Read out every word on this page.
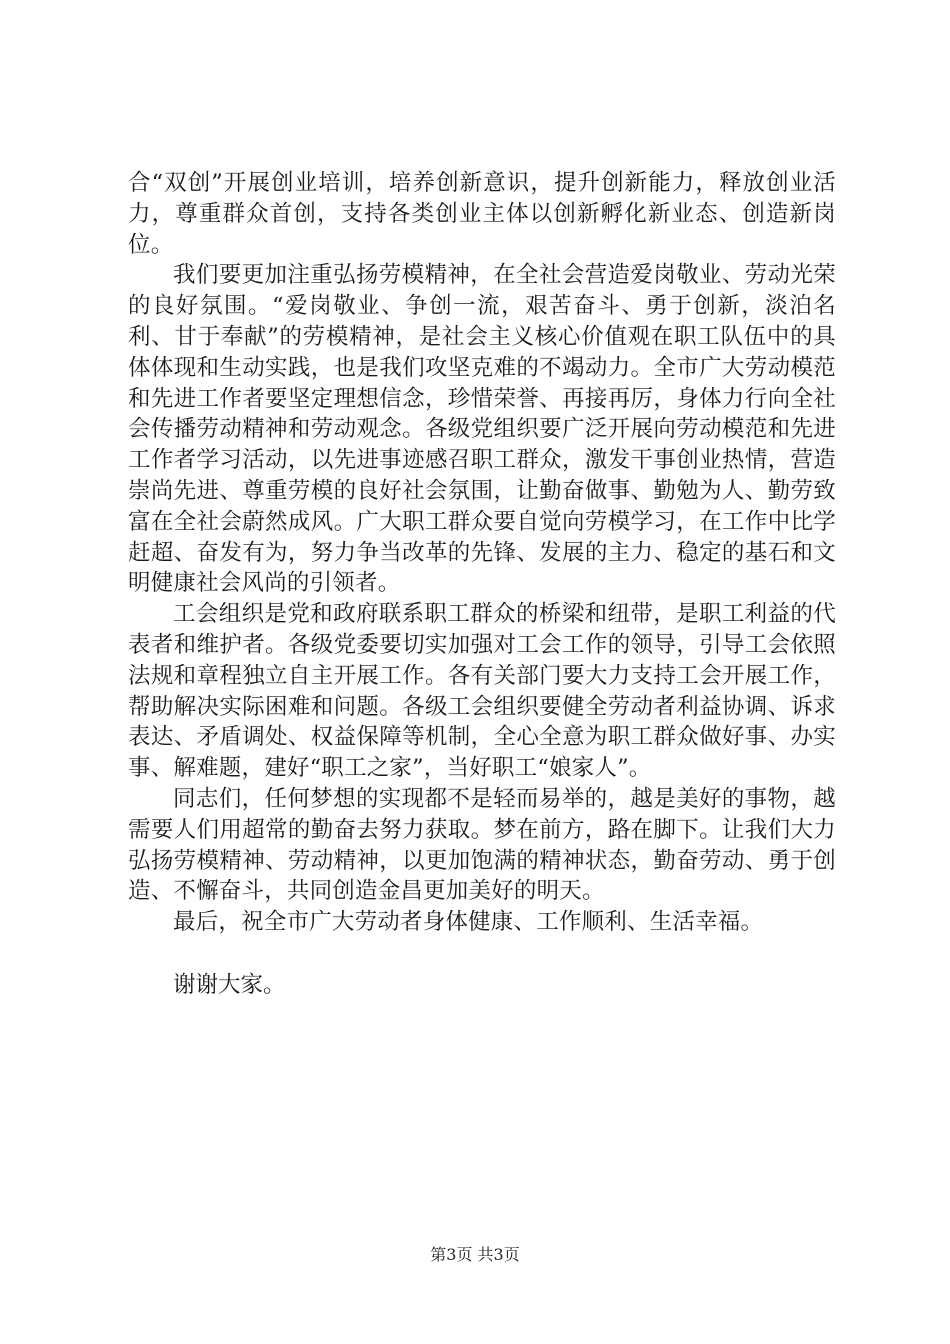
合“双创”开展创业培训，培养创新意识，提升创新能力，释放创业活力，尊重群众首创，支持各类创业主体以创新孵化新业态、创造新岗位。

我们要更加注重弘扬劳模精神，在全社会营造爱岗敬业、劳动光荣的良好氛围。“爱岗敬业、争创一流，艰苦奋斗、勇于创新，淡泊名利、甘于奉献”的劳模精神，是社会主义核心价值观在职工队伍中的具体体现和生动实践，也是我们攻坚克难的不竭动力。全市广大劳动模范和先进工作者要坚定理想信念，珍惜荣誉、再接再厉，身体力行向全社会传播劳动精神和劳动观念。各级党组织要广泛开展向劳动模范和先进工作者学习活动，以先进事迹感召职工群众，激发干事创业热情，营造崇尚先进、尊重劳模的良好社会氛围，让勤奋做事、勤勉为人、勤劳致富在全社会蔚然成风。广大职工群众要自觉向劳模学习，在工作中比学赶超、奋发有为，努力争当改革的先锋、发展的主力、稳定的基石和文明健康社会风尚的引领者。

工会组织是党和政府联系职工群众的桥梁和纽带，是职工利益的代表者和维护者。各级党委要切实加强对工会工作的领导，引导工会依照法规和章程独立自主开展工作。各有关部门要大力支持工会开展工作，帮助解决实际困难和问题。各级工会组织要健全劳动者利益协调、诉求表达、矛盾调处、权益保障等机制，全心全意为职工群众做好事、办实事、解难题，建好“职工之家”，当好职工“娘家人”。

同志们，任何梦想的实现都不是轻而易举的，越是美好的事物，越需要人们用超常的勤奋去努力获取。梦在前方，路在脚下。让我们大力弘扬劳模精神、劳动精神，以更加饱满的精神状态，勤奋劳动、勇于创造、不懈奋斗，共同创造金昌更加美好的明天。

最后，祝全市广大劳动者身体健康、工作顺利、生活幸福。

谢谢大家。

第3页 共3页
